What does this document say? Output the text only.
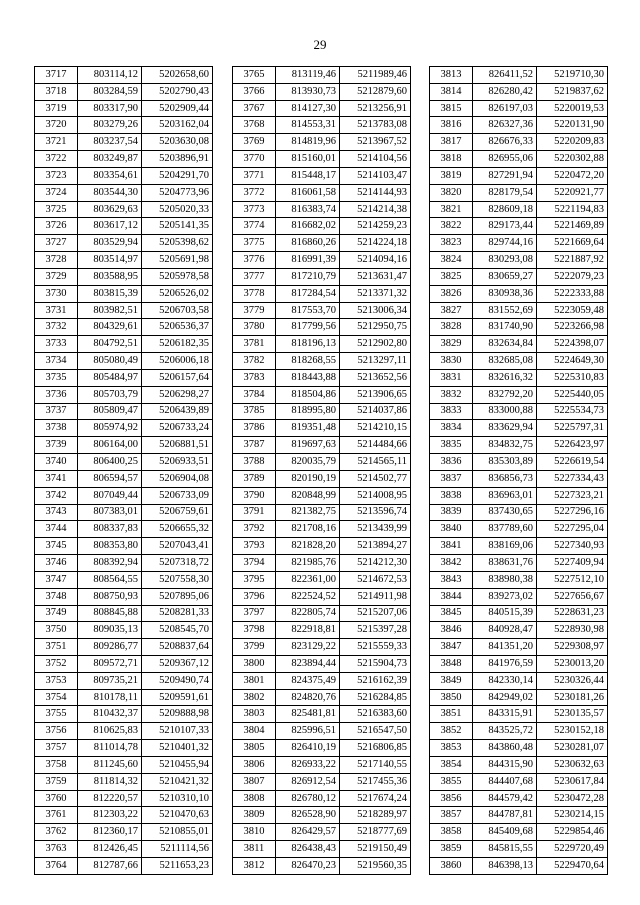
29
3717	803114,12	5202658,60
3718	803284,59	5202790,43
3719	803317,90	5202909,44
3720	803279,26	5203162,04
3721	803237,54	5203630,08
3722	803249,87	5203896,91
3723	803354,61	5204291,70
3724	803544,30	5204773,96
3725	803629,63	5205020,33
3726	803617,12	5205141,35
3727	803529,94	5205398,62
3728	803514,97	5205691,98
3729	803588,95	5205978,58
3730	803815,39	5206526,02
3731	803982,51	5206703,58
3732	804329,61	5206536,37
3733	804792,51	5206182,35
3734	805080,49	5206006,18
3735	805484,97	5206157,64
3736	805703,79	5206298,27
3737	805809,47	5206439,89
3738	805974,92	5206733,24
3739	806164,00	5206881,51
3740	806400,25	5206933,51
3741	806594,57	5206904,08
3742	807049,44	5206733,09
3743	807383,01	5206759,61
3744	808337,83	5206655,32
3745	808353,80	5207043,41
3746	808392,94	5207318,72
3747	808564,55	5207558,30
3748	808750,93	5207895,06
3749	808845,88	5208281,33
3750	809035,13	5208545,70
3751	809286,77	5208837,64
3752	809572,71	5209367,12
3753	809735,21	5209490,74
3754	810178,11	5209591,61
3755	810432,37	5209888,98
3756	810625,83	5210107,33
3757	811014,78	5210401,32
3758	811245,60	5210455,94
3759	811814,32	5210421,32
3760	812220,57	5210310,10
3761	812303,22	5210470,63
3762	812360,17	5210855,01
3763	812426,45	5211114,56
3764	812787,66	5211653,23
3765	813119,46	5211989,46
3766	813930,73	5212879,60
3767	814127,30	5213256,91
3768	814553,31	5213783,08
3769	814819,96	5213967,52
3770	815160,01	5214104,56
3771	815448,17	5214103,47
3772	816061,58	5214144,93
3773	816383,74	5214214,38
3774	816682,02	5214259,23
3775	816860,26	5214224,18
3776	816991,39	5214094,16
3777	817210,79	5213631,47
3778	817284,54	5213371,32
3779	817553,70	5213006,34
3780	817799,56	5212950,75
3781	818196,13	5212902,80
3782	818268,55	5213297,11
3783	818443,88	5213652,56
3784	818504,86	5213906,65
3785	818995,80	5214037,86
3786	819351,48	5214210,15
3787	819697,63	5214484,66
3788	820035,79	5214565,11
3789	820190,19	5214502,77
3790	820848,99	5214008,95
3791	821382,75	5213596,74
3792	821708,16	5213439,99
3793	821828,20	5213894,27
3794	821985,76	5214212,30
3795	822361,00	5214672,53
3796	822524,52	5214911,98
3797	822805,74	5215207,06
3798	822918,81	5215397,28
3799	823129,22	5215559,33
3800	823894,44	5215904,73
3801	824375,49	5216162,39
3802	824820,76	5216284,85
3803	825481,81	5216383,60
3804	825996,51	5216547,50
3805	826410,19	5216806,85
3806	826933,22	5217140,55
3807	826912,54	5217455,36
3808	826780,12	5217674,24
3809	826528,90	5218289,97
3810	826429,57	5218777,69
3811	826438,43	5219150,49
3812	826470,23	5219560,35
3813	826411,52	5219710,30
3814	826280,42	5219837,62
3815	826197,03	5220019,53
3816	826327,36	5220131,90
3817	826676,33	5220209,83
3818	826955,06	5220302,88
3819	827291,94	5220472,20
3820	828179,54	5220921,77
3821	828609,18	5221194,83
3822	829173,44	5221469,89
3823	829744,16	5221669,64
3824	830293,08	5221887,92
3825	830659,27	5222079,23
3826	830938,36	5222333,88
3827	831552,69	5223059,48
3828	831740,90	5223266,98
3829	832634,84	5224398,07
3830	832685,08	5224649,30
3831	832616,32	5225310,83
3832	832792,20	5225440,05
3833	833000,88	5225534,73
3834	833629,94	5225797,31
3835	834832,75	5226423,97
3836	835303,89	5226619,54
3837	836856,73	5227334,43
3838	836963,01	5227323,21
3839	837430,65	5227296,16
3840	837789,60	5227295,04
3841	838169,06	5227340,93
3842	838631,76	5227409,94
3843	838980,38	5227512,10
3844	839273,02	5227656,67
3845	840515,39	5228631,23
3846	840928,47	5228930,98
3847	841351,20	5229308,97
3848	841976,59	5230013,20
3849	842330,14	5230326,44
3850	842949,02	5230181,26
3851	843315,91	5230135,57
3852	843525,72	5230152,18
3853	843860,48	5230281,07
3854	844315,90	5230632,63
3855	844407,68	5230617,84
3856	844579,42	5230472,28
3857	844787,81	5230214,15
3858	845409,68	5229854,46
3859	845815,55	5229720,49
3860	846398,13	5229470,64
